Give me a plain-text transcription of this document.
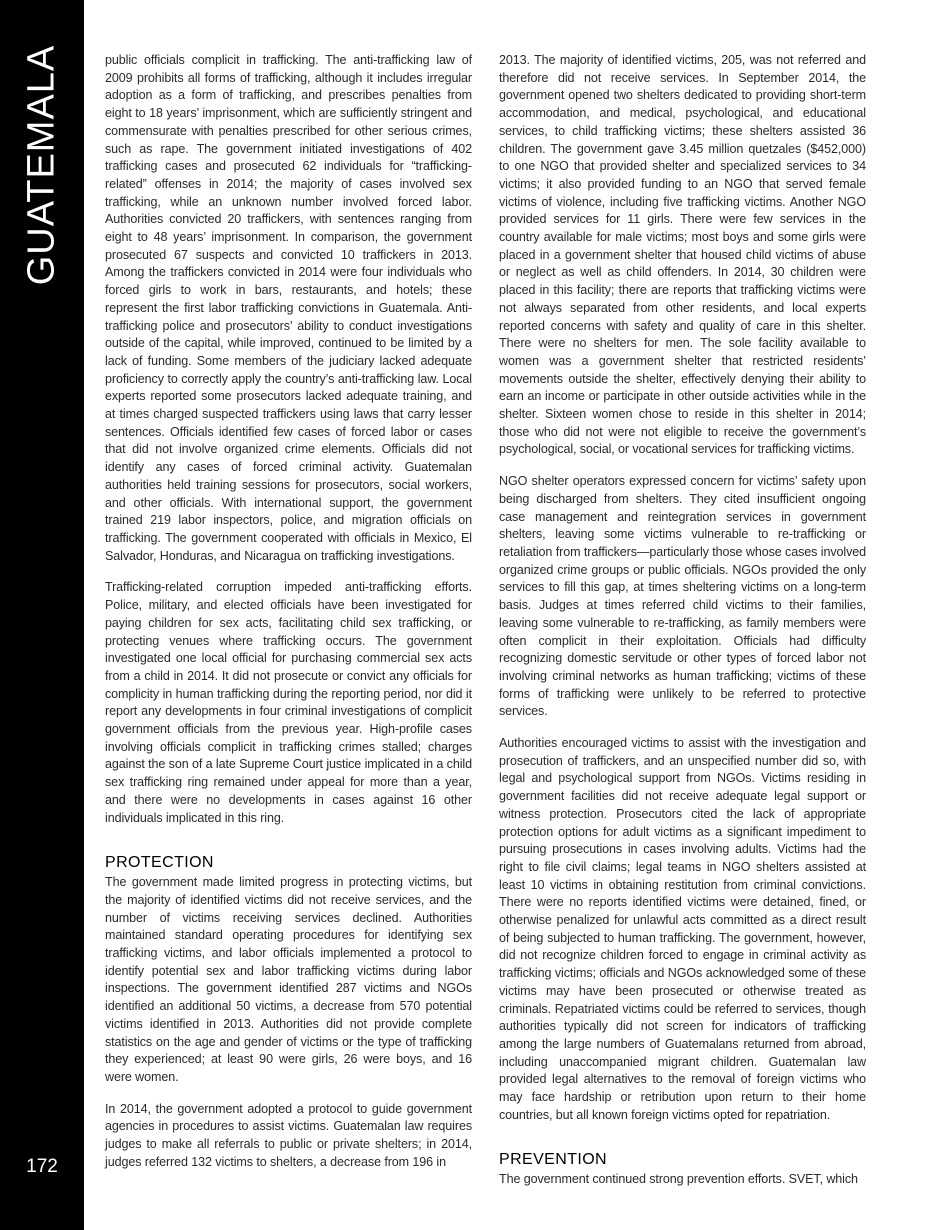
GUATEMALA
172

public officials complicit in trafficking. The anti-trafficking law of 2009 prohibits all forms of trafficking, although it includes irregular adoption as a form of trafficking, and prescribes penalties from eight to 18 years’ imprisonment, which are sufficiently stringent and commensurate with penalties prescribed for other serious crimes, such as rape. The government initiated investigations of 402 trafficking cases and prosecuted 62 individuals for “trafficking-related” offenses in 2014; the majority of cases involved sex trafficking, while an unknown number involved forced labor. Authorities convicted 20 traffickers, with sentences ranging from eight to 48 years’ imprisonment. In comparison, the government prosecuted 67 suspects and convicted 10 traffickers in 2013. Among the traffickers convicted in 2014 were four individuals who forced girls to work in bars, restaurants, and hotels; these represent the first labor trafficking convictions in Guatemala. Anti-trafficking police and prosecutors’ ability to conduct investigations outside of the capital, while improved, continued to be limited by a lack of funding. Some members of the judiciary lacked adequate proficiency to correctly apply the country’s anti-trafficking law. Local experts reported some prosecutors lacked adequate training, and at times charged suspected traffickers using laws that carry lesser sentences. Officials identified few cases of forced labor or cases that did not involve organized crime elements. Officials did not identify any cases of forced criminal activity. Guatemalan authorities held training sessions for prosecutors, social workers, and other officials. With international support, the government trained 219 labor inspectors, police, and migration officials on trafficking. The government cooperated with officials in Mexico, El Salvador, Honduras, and Nicaragua on trafficking investigations.

Trafficking-related corruption impeded anti-trafficking efforts. Police, military, and elected officials have been investigated for paying children for sex acts, facilitating child sex trafficking, or protecting venues where trafficking occurs. The government investigated one local official for purchasing commercial sex acts from a child in 2014. It did not prosecute or convict any officials for complicity in human trafficking during the reporting period, nor did it report any developments in four criminal investigations of complicit government officials from the previous year. High-profile cases involving officials complicit in trafficking crimes stalled; charges against the son of a late Supreme Court justice implicated in a child sex trafficking ring remained under appeal for more than a year, and there were no developments in cases against 16 other individuals implicated in this ring.

PROTECTION

The government made limited progress in protecting victims, but the majority of identified victims did not receive services, and the number of victims receiving services declined. Authorities maintained standard operating procedures for identifying sex trafficking victims, and labor officials implemented a protocol to identify potential sex and labor trafficking victims during labor inspections. The government identified 287 victims and NGOs identified an additional 50 victims, a decrease from 570 potential victims identified in 2013. Authorities did not provide complete statistics on the age and gender of victims or the type of trafficking they experienced; at least 90 were girls, 26 were boys, and 16 were women.

In 2014, the government adopted a protocol to guide government agencies in procedures to assist victims. Guatemalan law requires judges to make all referrals to public or private shelters; in 2014, judges referred 132 victims to shelters, a decrease from 196 in

2013. The majority of identified victims, 205, was not referred and therefore did not receive services. In September 2014, the government opened two shelters dedicated to providing short-term accommodation, and medical, psychological, and educational services, to child trafficking victims; these shelters assisted 36 children. The government gave 3.45 million quetzales ($452,000) to one NGO that provided shelter and specialized services to 34 victims; it also provided funding to an NGO that served female victims of violence, including five trafficking victims. Another NGO provided services for 11 girls. There were few services in the country available for male victims; most boys and some girls were placed in a government shelter that housed child victims of abuse or neglect as well as child offenders. In 2014, 30 children were placed in this facility; there are reports that trafficking victims were not always separated from other residents, and local experts reported concerns with safety and quality of care in this shelter. There were no shelters for men. The sole facility available to women was a government shelter that restricted residents’ movements outside the shelter, effectively denying their ability to earn an income or participate in other outside activities while in the shelter. Sixteen women chose to reside in this shelter in 2014; those who did not were not eligible to receive the government’s psychological, social, or vocational services for trafficking victims.

NGO shelter operators expressed concern for victims’ safety upon being discharged from shelters. They cited insufficient ongoing case management and reintegration services in government shelters, leaving some victims vulnerable to re-trafficking or retaliation from traffickers—particularly those whose cases involved organized crime groups or public officials. NGOs provided the only services to fill this gap, at times sheltering victims on a long-term basis. Judges at times referred child victims to their families, leaving some vulnerable to re-trafficking, as family members were often complicit in their exploitation. Officials had difficulty recognizing domestic servitude or other types of forced labor not involving criminal networks as human trafficking; victims of these forms of trafficking were unlikely to be referred to protective services.

Authorities encouraged victims to assist with the investigation and prosecution of traffickers, and an unspecified number did so, with legal and psychological support from NGOs. Victims residing in government facilities did not receive adequate legal support or witness protection. Prosecutors cited the lack of appropriate protection options for adult victims as a significant impediment to pursuing prosecutions in cases involving adults. Victims had the right to file civil claims; legal teams in NGO shelters assisted at least 10 victims in obtaining restitution from criminal convictions. There were no reports identified victims were detained, fined, or otherwise penalized for unlawful acts committed as a direct result of being subjected to human trafficking. The government, however, did not recognize children forced to engage in criminal activity as trafficking victims; officials and NGOs acknowledged some of these victims may have been prosecuted or otherwise treated as criminals. Repatriated victims could be referred to services, though authorities typically did not screen for indicators of trafficking among the large numbers of Guatemalans returned from abroad, including unaccompanied migrant children. Guatemalan law provided legal alternatives to the removal of foreign victims who may face hardship or retribution upon return to their home countries, but all known foreign victims opted for repatriation.

PREVENTION

The government continued strong prevention efforts. SVET, which
